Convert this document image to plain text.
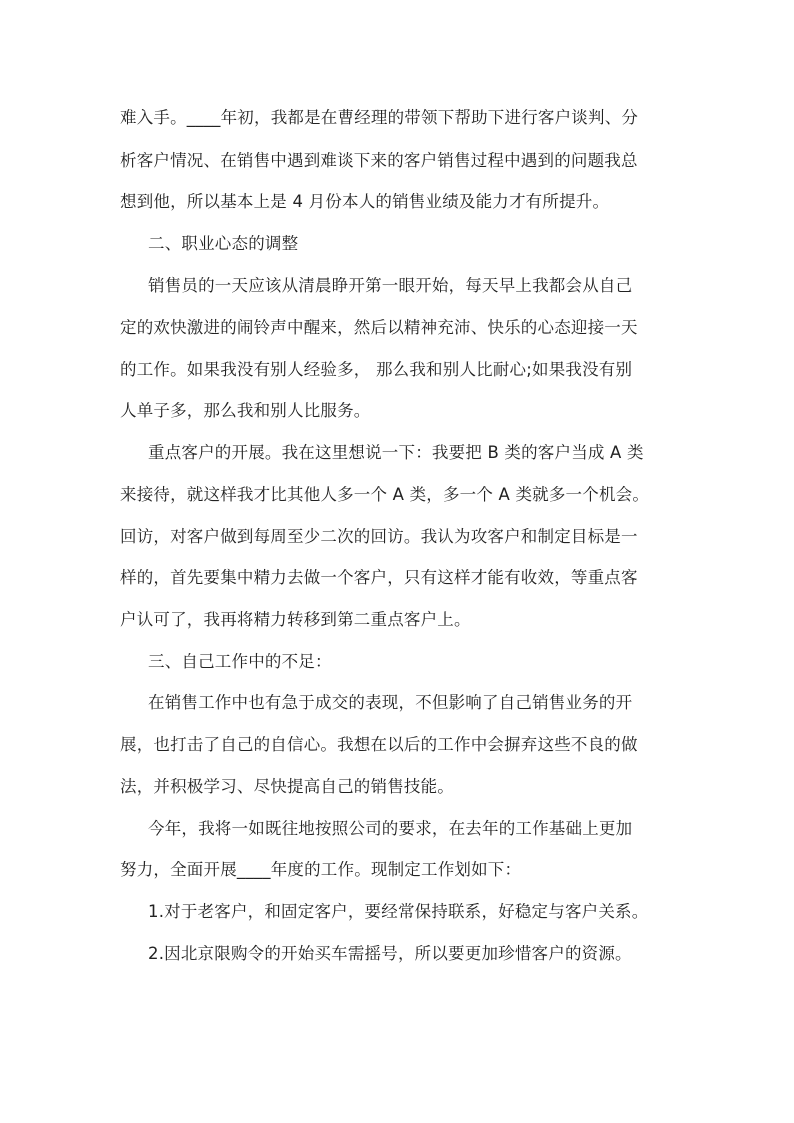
难入手。____年初，我都是在曹经理的带领下帮助下进行客户谈判、分
析客户情况、在销售中遇到难谈下来的客户销售过程中遇到的问题我总
想到他，所以基本上是 4 月份本人的销售业绩及能力才有所提升。
二、职业心态的调整
销售员的一天应该从清晨睁开第一眼开始，每天早上我都会从自己
定的欢快激进的闹铃声中醒来，然后以精神充沛、快乐的心态迎接一天
的工作。如果我没有别人经验多， 那么我和别人比耐心;如果我没有别
人单子多，那么我和别人比服务。
重点客户的开展。我在这里想说一下：我要把 B 类的客户当成 A 类
来接待，就这样我才比其他人多一个 A 类，多一个 A 类就多一个机会。
回访，对客户做到每周至少二次的回访。我认为攻客户和制定目标是一
样的，首先要集中精力去做一个客户，只有这样才能有收效，等重点客
户认可了，我再将精力转移到第二重点客户上。
三、自己工作中的不足：
在销售工作中也有急于成交的表现，不但影响了自己销售业务的开
展，也打击了自己的自信心。我想在以后的工作中会摒弃这些不良的做
法，并积极学习、尽快提高自己的销售技能。
今年，我将一如既往地按照公司的要求，在去年的工作基础上更加
努力，全面开展____年度的工作。现制定工作划如下：
1.对于老客户，和固定客户，要经常保持联系，好稳定与客户关系。
2.因北京限购令的开始买车需摇号，所以要更加珍惜客户的资源。
